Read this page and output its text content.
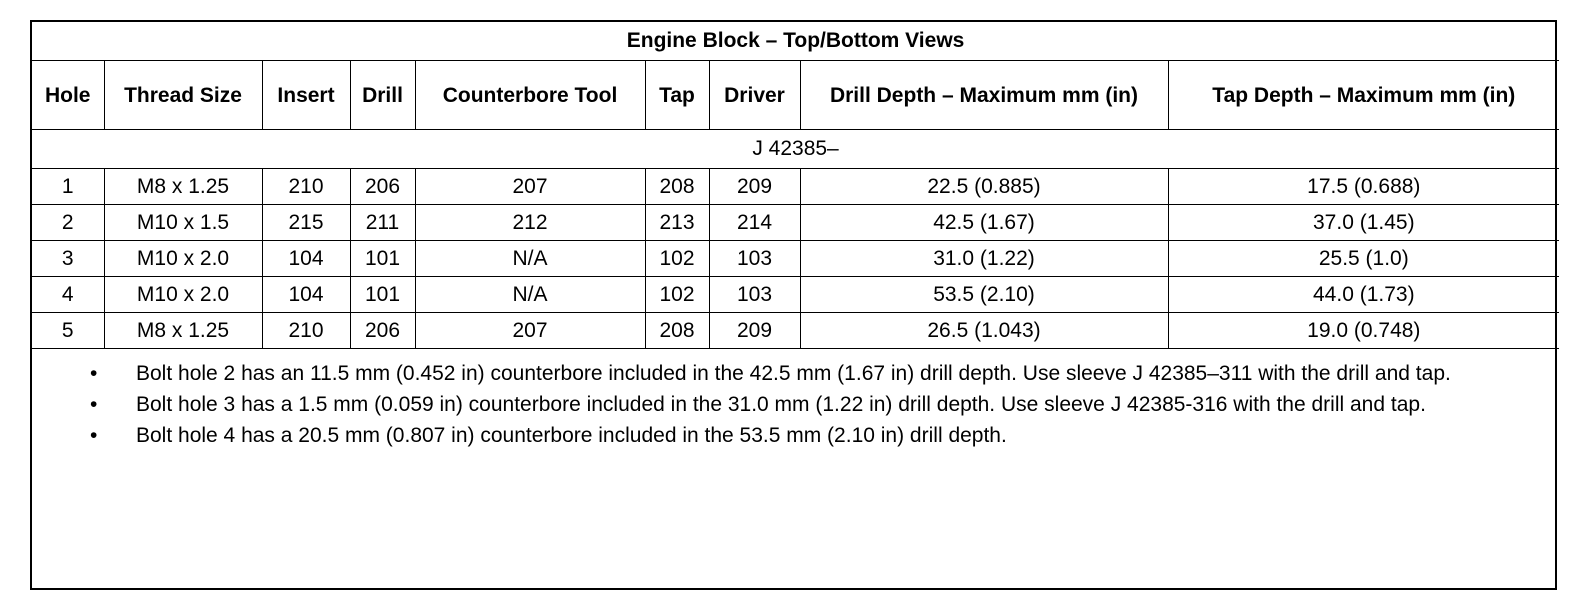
Engine Block – Top/Bottom Views								
Hole	Thread Size	Insert	Drill	Counterbore Tool	Tap	Driver	Drill Depth – Maximum mm (in)	Tap Depth – Maximum mm (in)
J 42385–								
1	M8 x 1.25	210	206	207	208	209	22.5 (0.885)	17.5 (0.688)
2	M10 x 1.5	215	211	212	213	214	42.5 (1.67)	37.0 (1.45)
3	M10 x 2.0	104	101	N/A	102	103	31.0 (1.22)	25.5 (1.0)
4	M10 x 2.0	104	101	N/A	102	103	53.5 (2.10)	44.0 (1.73)
5	M8 x 1.25	210	206	207	208	209	26.5 (1.043)	19.0 (0.748)
• Bolt hole 2 has an 11.5 mm (0.452 in) counterbore included in the 42.5 mm (1.67 in) drill depth. Use sleeve J 42385–311 with the drill and tap.
• Bolt hole 3 has a 1.5 mm (0.059 in) counterbore included in the 31.0 mm (1.22 in) drill depth. Use sleeve J 42385-316 with the drill and tap.
• Bolt hole 4 has a 20.5 mm (0.807 in) counterbore included in the 53.5 mm (2.10 in) drill depth.
